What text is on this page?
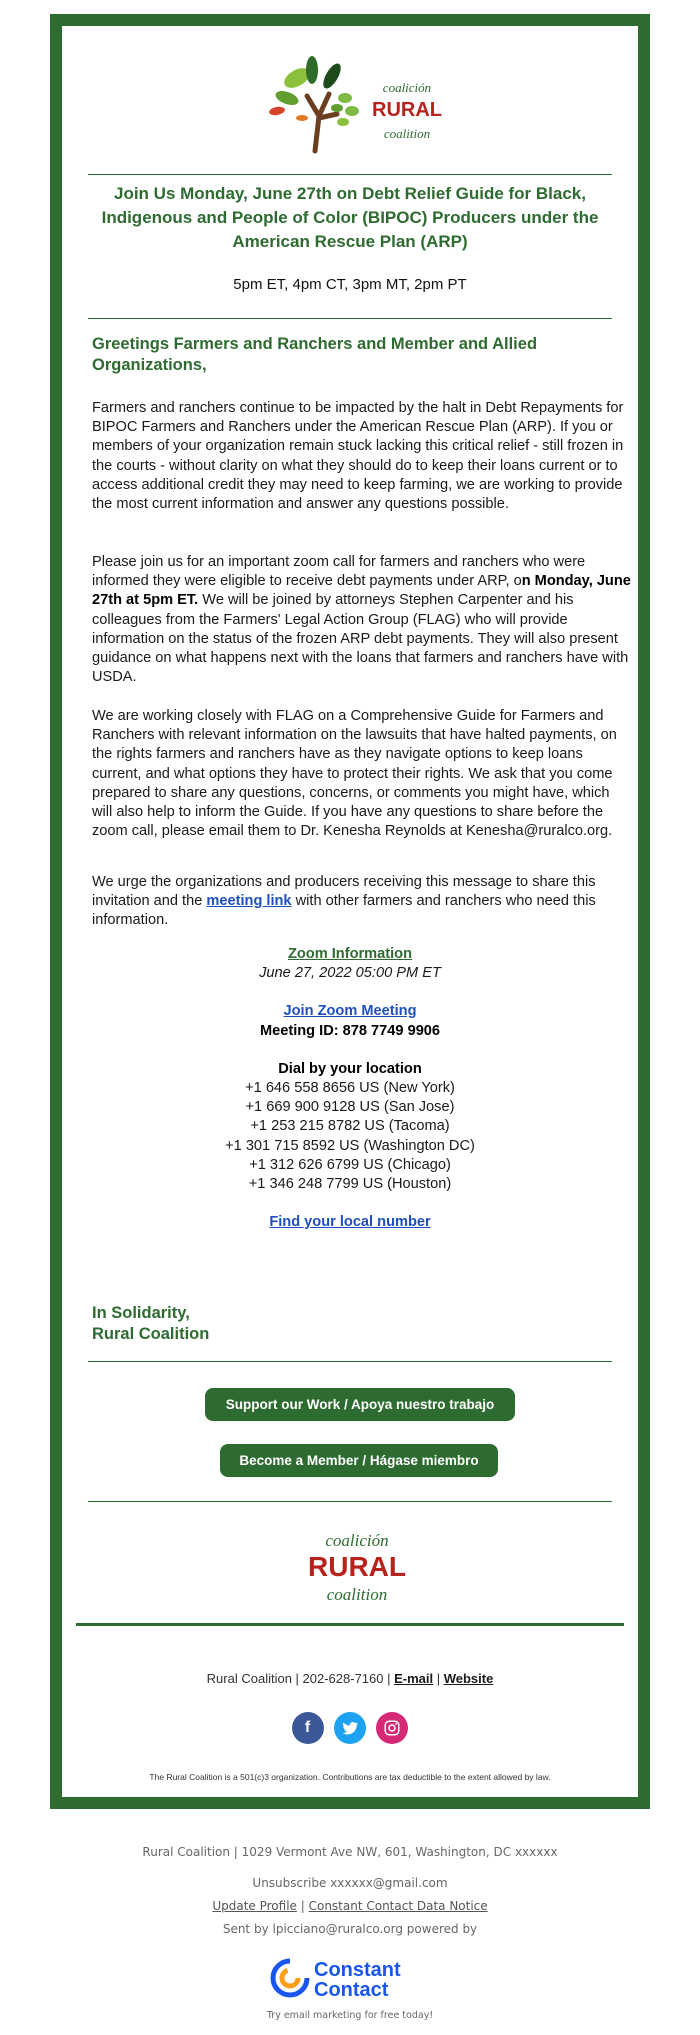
coalición
RURAL
coalition
Join Us Monday, June 27th on Debt Relief Guide for Black, Indigenous and People of Color (BIPOC) Producers under the American Rescue Plan (ARP)
5pm ET, 4pm CT, 3pm MT, 2pm PT
Greetings Farmers and Ranchers and Member and Allied Organizations,
Farmers and ranchers continue to be impacted by the halt in Debt Repayments for BIPOC Farmers and Ranchers under the American Rescue Plan (ARP). If you or members of your organization remain stuck lacking this critical relief - still frozen in the courts - without clarity on what they should do to keep their loans current or to access additional credit they may need to keep farming, we are working to provide the most current information and answer any questions possible.
Please join us for an important zoom call for farmers and ranchers who were informed they were eligible to receive debt payments under ARP, on Monday, June 27th at 5pm ET. We will be joined by attorneys Stephen Carpenter and his colleagues from the Farmers' Legal Action Group (FLAG) who will provide information on the status of the frozen ARP debt payments. They will also present guidance on what happens next with the loans that farmers and ranchers have with USDA.
We are working closely with FLAG on a Comprehensive Guide for Farmers and Ranchers with relevant information on the lawsuits that have halted payments, on the rights farmers and ranchers have as they navigate options to keep loans current, and what options they have to protect their rights. We ask that you come prepared to share any questions, concerns, or comments you might have, which will also help to inform the Guide. If you have any questions to share before the zoom call, please email them to Dr. Kenesha Reynolds at Kenesha@ruralco.org.
We urge the organizations and producers receiving this message to share this invitation and the meeting link with other farmers and ranchers who need this information.
Zoom Information
June 27, 2022 05:00 PM ET
Join Zoom Meeting
Meeting ID: 878 7749 9906
Dial by your location
+1 646 558 8656 US (New York)
+1 669 900 9128 US (San Jose)
+1 253 215 8782 US (Tacoma)
+1 301 715 8592 US (Washington DC)
+1 312 626 6799 US (Chicago)
+1 346 248 7799 US (Houston)
Find your local number
In Solidarity,
Rural Coalition
Support our Work / Apoya nuestro trabajo
Become a Member / Hágase miembro
coalición
RURAL
coalition
Rural Coalition | 202-628-7160 | E-mail | Website
f
The Rural Coalition is a 501(c)3 organization. Contributions are tax deductible to the extent allowed by law.
Rural Coalition | 1029 Vermont Ave NW, 601, Washington, DC xxxxxx
Unsubscribe xxxxxx@gmail.com
Update Profile | Constant Contact Data Notice
Sent by lpicciano@ruralco.org powered by
Constant
Contact
Try email marketing for free today!
